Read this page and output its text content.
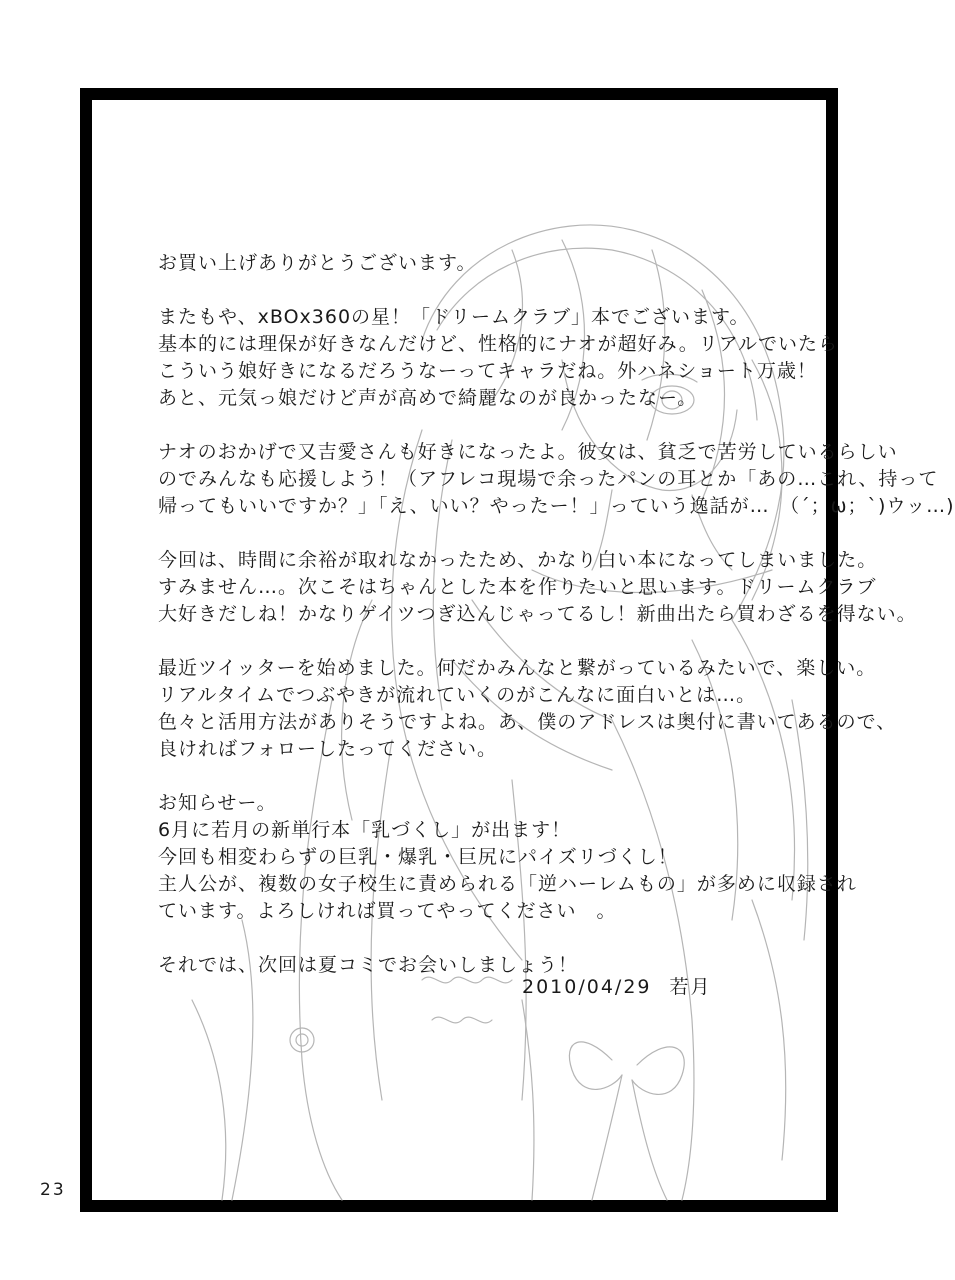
お買い上げありがとうございます。
またもや、xBOx360の星！「ドリームクラブ」本でございます。
基本的には理保が好きなんだけど、性格的にナオが超好み。リアルでいたら
こういう娘好きになるだろうなーってキャラだね。外ハネショート万歳！
あと、元気っ娘だけど声が高めで綺麗なのが良かったなー。
ナオのおかげで又吉愛さんも好きになったよ。彼女は、貧乏で苦労しているらしい
のでみんなも応援しよう！（アフレコ現場で余ったパンの耳とか「あの…これ、持って
帰ってもいいですか？」「え、いい？やったー！」っていう逸話が…　（´；ω；`)ウッ…)
今回は、時間に余裕が取れなかったため、かなり白い本になってしまいました。
すみません…。次こそはちゃんとした本を作りたいと思います。ドリームクラブ
大好きだしね！かなりゲイツつぎ込んじゃってるし！新曲出たら買わざるを得ない。
最近ツイッターを始めました。何だかみんなと繋がっているみたいで、楽しい。
リアルタイムでつぶやきが流れていくのがこんなに面白いとは…。
色々と活用方法がありそうですよね。あ、僕のアドレスは奥付に書いてあるので、
良ければフォローしたってください。
お知らせー。
6月に若月の新単行本「乳づくし」が出ます！
今回も相変わらずの巨乳・爆乳・巨尻にパイズリづくし！
主人公が、複数の女子校生に責められる「逆ハーレムもの」が多めに収録され
ています。よろしければ買ってやってください　。
それでは、次回は夏コミでお会いしましょう！
2010/04/29 若月
23
